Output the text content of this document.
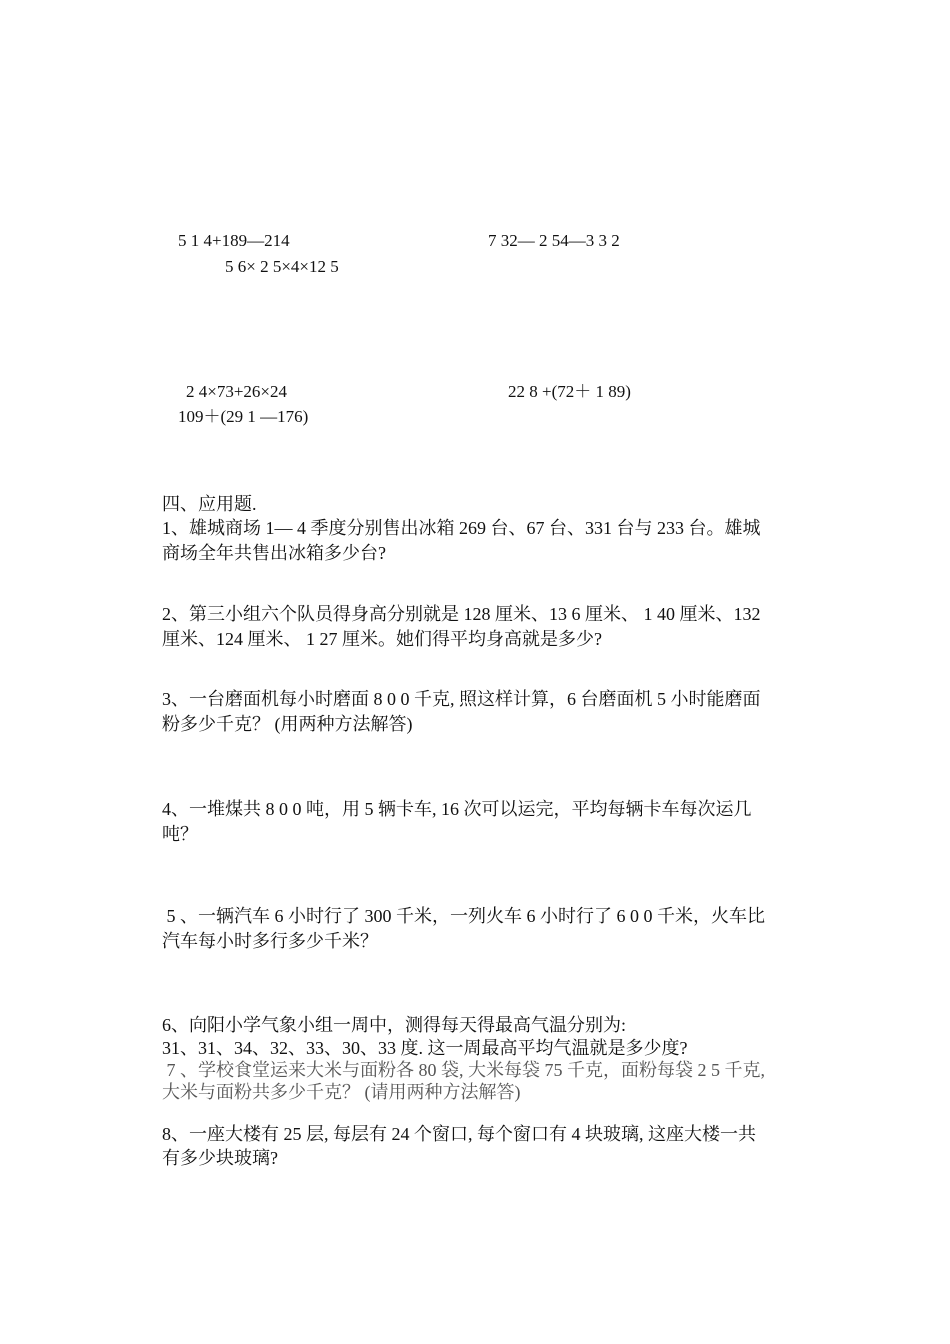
5 1 4+189—214	7 32— 2 54—3 3 2
5 6× 2 5×4×12 5
2 4×73+26×24	22 8 +(72＋ 1 89)
109＋(29 1 —176)
四、应用题.
1、雄城商场 1— 4 季度分别售出冰箱 269 台、67 台、331 台与 233 台。雄城
商场全年共售出冰箱多少台?
2、第三小组六个队员得身高分别就是 128 厘米、13 6 厘米、 1 40 厘米、132
厘米、124 厘米、 1 27 厘米。她们得平均身高就是多少?
3、一台磨面机每小时磨面 8 0 0 千克, 照这样计算，6 台磨面机 5 小时能磨面
粉多少千克？ (用两种方法解答)
4、一堆煤共 8 0 0 吨，用 5 辆卡车, 16 次可以运完，平均每辆卡车每次运几
吨？
5 、一辆汽车 6 小时行了 300 千米，一列火车 6 小时行了 6 0 0 千米，火车比
汽车每小时多行多少千米？
6、向阳小学气象小组一周中，测得每天得最高气温分别为:
31、31、34、32、33、30、33 度. 这一周最高平均气温就是多少度?
7 、学校食堂运来大米与面粉各 80 袋, 大米每袋 75 千克，面粉每袋 2 5 千克,
大米与面粉共多少千克？ (请用两种方法解答)
8、一座大楼有 25 层, 每层有 24 个窗口, 每个窗口有 4 块玻璃, 这座大楼一共
有多少块玻璃?
